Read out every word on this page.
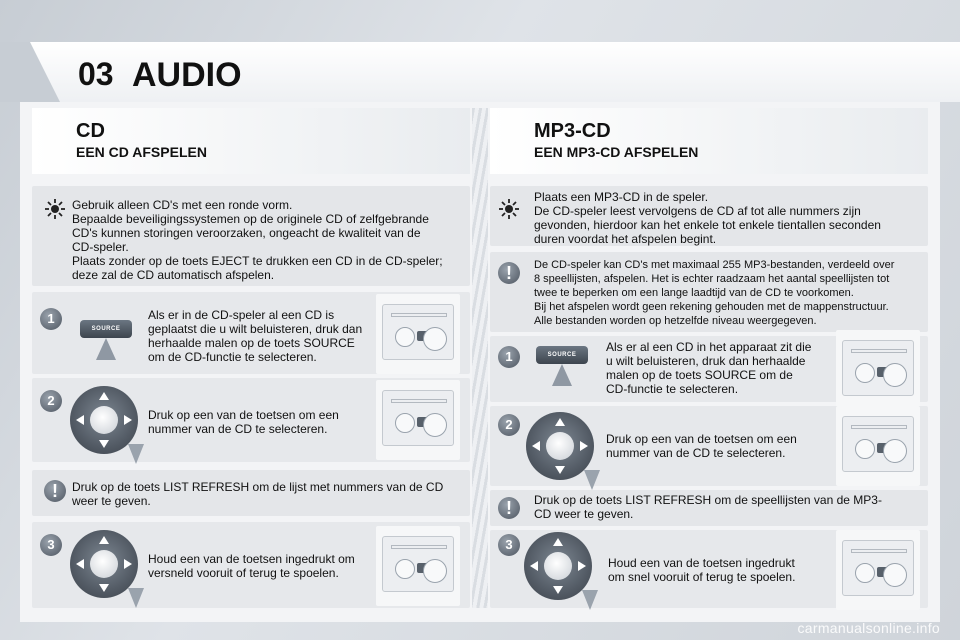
03 AUDIO
CD
EEN CD AFSPELEN
MP3-CD
EEN MP3-CD AFSPELEN
Gebruik alleen CD's met een ronde vorm.
Bepaalde beveiligingssystemen op de originele CD of zelfgebrande
CD's kunnen storingen veroorzaken, ongeacht de kwaliteit van de
CD-speler.
Plaats zonder op de toets EJECT te drukken een CD in de CD-speler;
deze zal de CD automatisch afspelen.
1
SOURCE
Als er in de CD-speler al een CD is
geplaatst die u wilt beluisteren, druk dan
herhaalde malen op de toets SOURCE
om de CD-functie te selecteren.
2
Druk op een van de toetsen om een
nummer van de CD te selecteren.
!	Druk op de toets LIST REFRESH om de lijst met nummers van de CD
weer te geven.
3
Houd een van de toetsen ingedrukt om
versneld vooruit of terug te spoelen.
Plaats een MP3-CD in de speler.
De CD-speler leest vervolgens de CD af tot alle nummers zijn
gevonden, hierdoor kan het enkele tot enkele tientallen seconden
duren voordat het afspelen begint.
!	De CD-speler kan CD's met maximaal 255 MP3-bestanden, verdeeld over
8 speellijsten, afspelen. Het is echter raadzaam het aantal speellijsten tot
twee te beperken om een lange laadtijd van de CD te voorkomen.
Bij het afspelen wordt geen rekening gehouden met de mappenstructuur.
Alle bestanden worden op hetzelfde niveau weergegeven.
1	SOURCE
Als er al een CD in het apparaat zit die
u wilt beluisteren, druk dan herhaalde
malen op de toets SOURCE om de
CD-functie te selecteren.
2
Druk op een van de toetsen om een
nummer van de CD te selecteren.
!	Druk op de toets LIST REFRESH om de speellijsten van de MP3-
CD weer te geven.
3
Houd een van de toetsen ingedrukt
om snel vooruit of terug te spoelen.
carmanualsonline.info
